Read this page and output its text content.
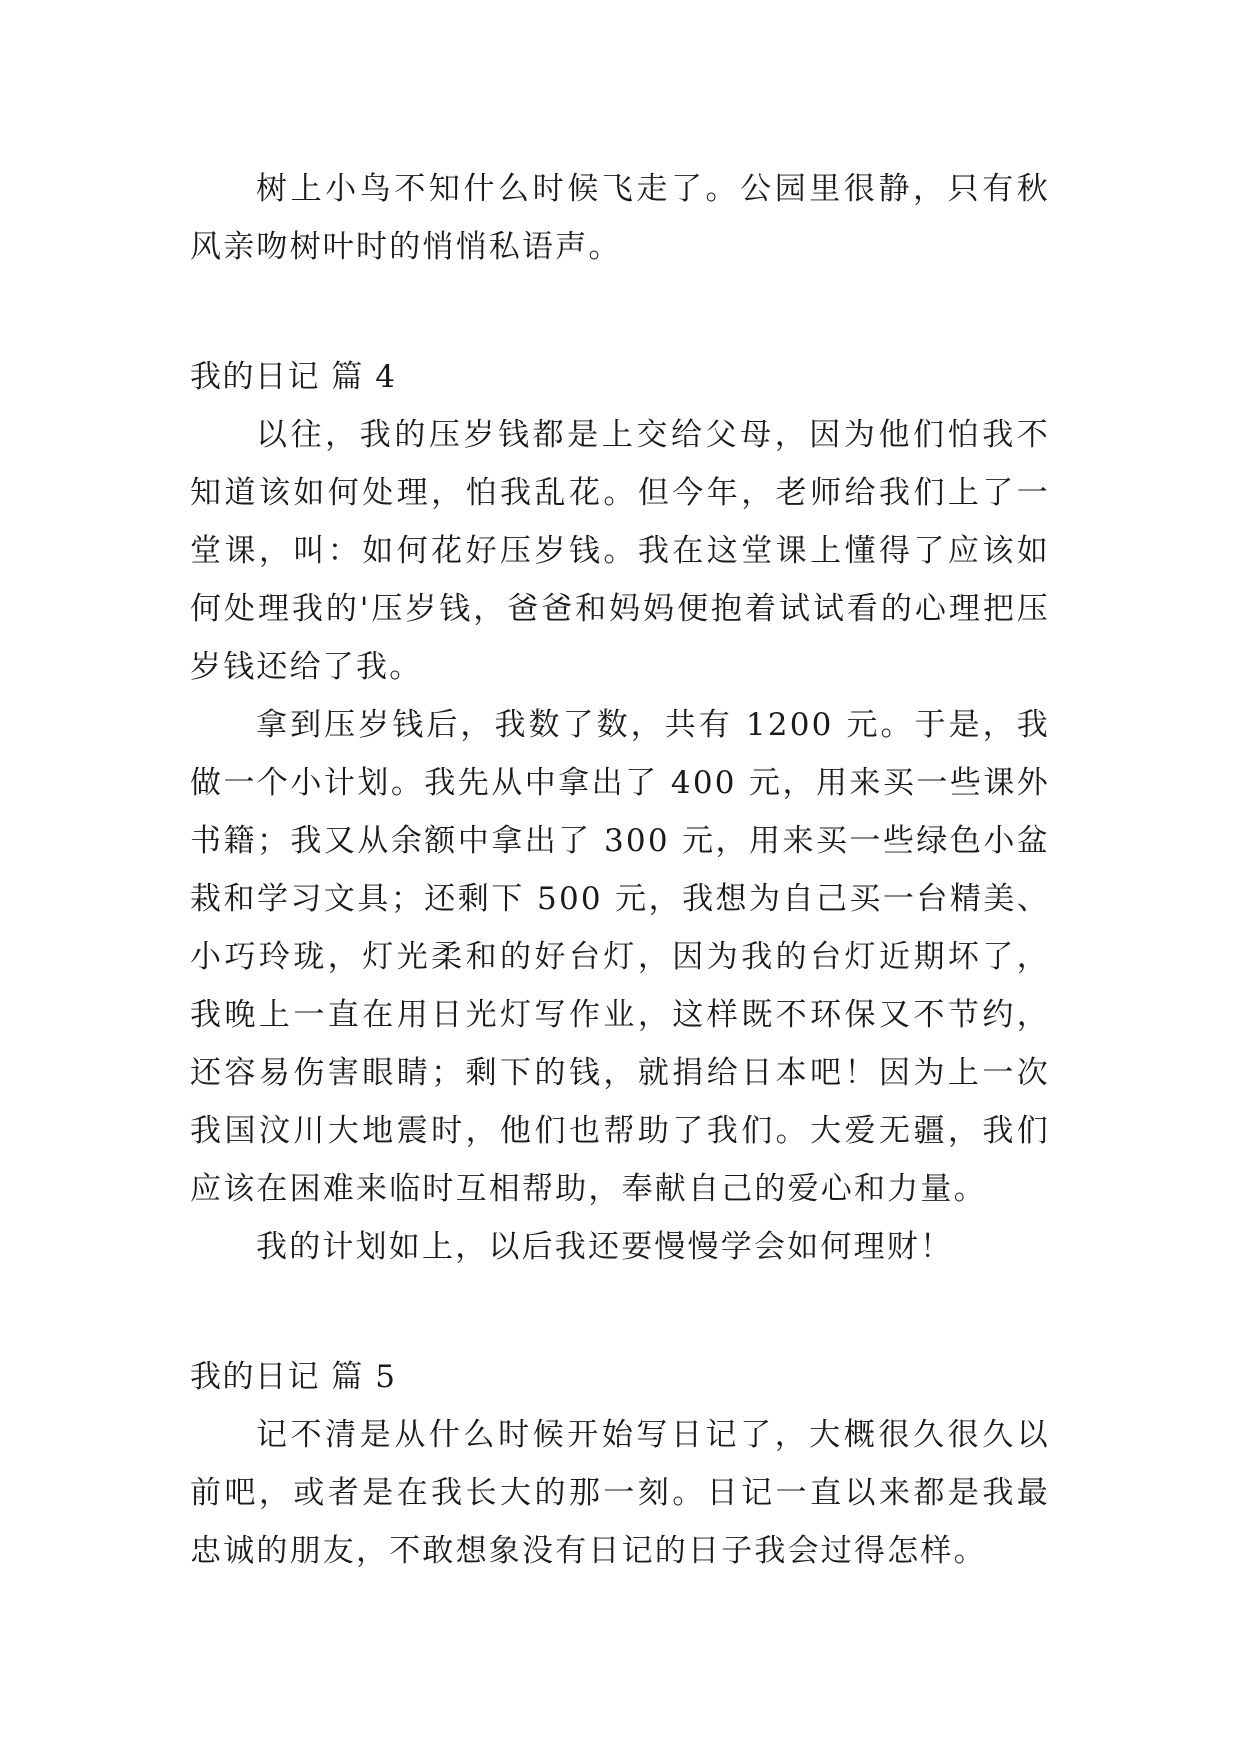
树上小鸟不知什么时候飞走了。公园里很静，只有秋风亲吻树叶时的悄悄私语声。

我的日记 篇 4

以往，我的压岁钱都是上交给父母，因为他们怕我不知道该如何处理，怕我乱花。但今年，老师给我们上了一堂课，叫：如何花好压岁钱。我在这堂课上懂得了应该如何处理我的'压岁钱，爸爸和妈妈便抱着试试看的心理把压岁钱还给了我。

拿到压岁钱后，我数了数，共有 1200 元。于是，我做一个小计划。我先从中拿出了 400 元，用来买一些课外书籍；我又从余额中拿出了 300 元，用来买一些绿色小盆栽和学习文具；还剩下 500 元，我想为自己买一台精美、小巧玲珑，灯光柔和的好台灯，因为我的台灯近期坏了，我晚上一直在用日光灯写作业，这样既不环保又不节约，还容易伤害眼睛；剩下的钱，就捐给日本吧！因为上一次我国汶川大地震时，他们也帮助了我们。大爱无疆，我们应该在困难来临时互相帮助，奉献自己的爱心和力量。

我的计划如上，以后我还要慢慢学会如何理财！

我的日记 篇 5

记不清是从什么时候开始写日记了，大概很久很久以前吧，或者是在我长大的那一刻。日记一直以来都是我最忠诚的朋友，不敢想象没有日记的日子我会过得怎样。
